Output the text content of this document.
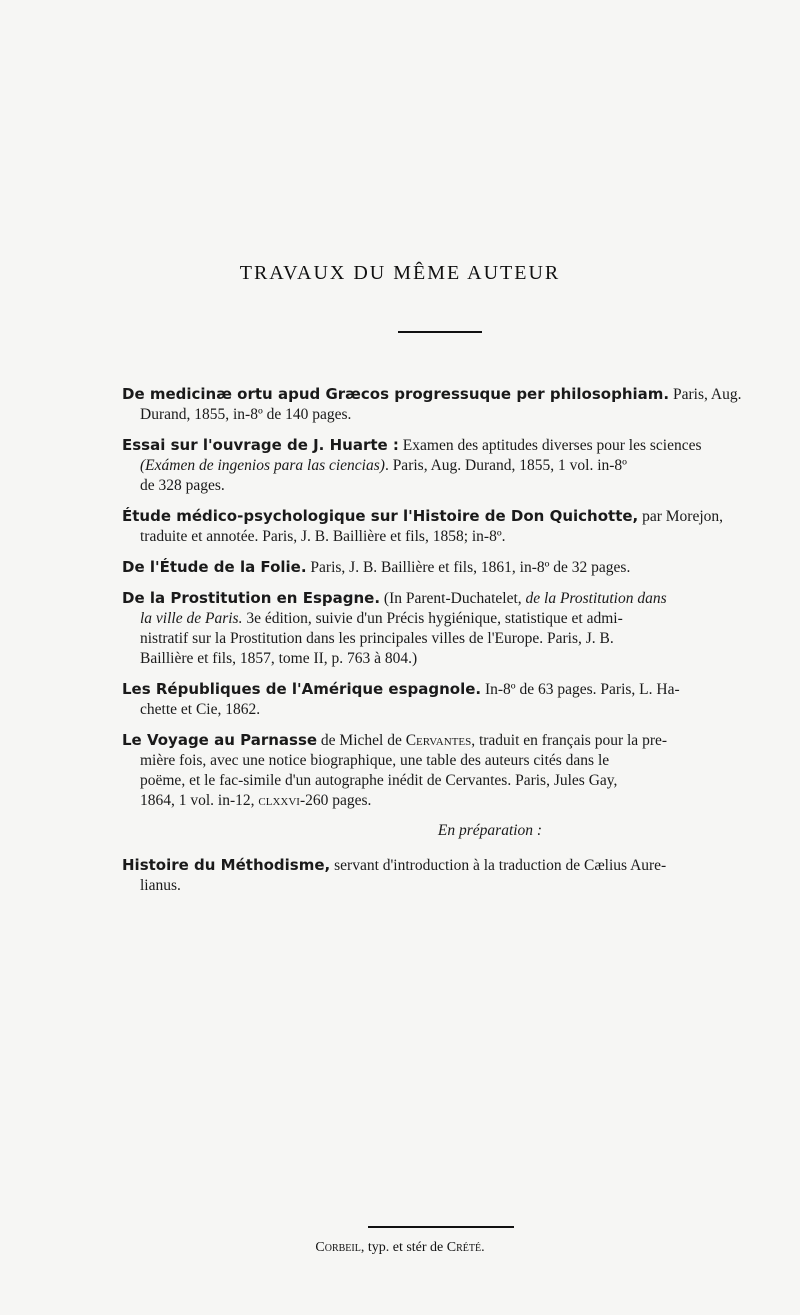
TRAVAUX DU MÊME AUTEUR
De medicinæ ortu apud Græcos progressuque per philosophiam. Paris, Aug.
Durand, 1855, in-8º de 140 pages.
Essai sur l'ouvrage de J. Huarte : Examen des aptitudes diverses pour les sciences
(Exámen de ingenios para las ciencias). Paris, Aug. Durand, 1855, 1 vol. in-8º
de 328 pages.
Étude médico-psychologique sur l'Histoire de Don Quichotte, par Morejon,
traduite et annotée. Paris, J. B. Baillière et fils, 1858; in-8º.
De l'Étude de la Folie. Paris, J. B. Baillière et fils, 1861, in-8º de 32 pages.
De la Prostitution en Espagne. (In Parent-Duchatelet, de la Prostitution dans
la ville de Paris. 3e édition, suivie d'un Précis hygiénique, statistique et admi-
nistratif sur la Prostitution dans les principales villes de l'Europe. Paris, J. B.
Baillière et fils, 1857, tome II, p. 763 à 804.)
Les Républiques de l'Amérique espagnole. In-8º de 63 pages. Paris, L. Ha-
chette et Cie, 1862.
Le Voyage au Parnasse de Michel de Cervantes, traduit en français pour la pre-
mière fois, avec une notice biographique, une table des auteurs cités dans le
poëme, et le fac-simile d'un autographe inédit de Cervantes. Paris, Jules Gay,
1864, 1 vol. in-12, clxxvi-260 pages.
En préparation :
Histoire du Méthodisme, servant d'introduction à la traduction de Cælius Aure-
lianus.
Corbeil, typ. et stér de Crété.
